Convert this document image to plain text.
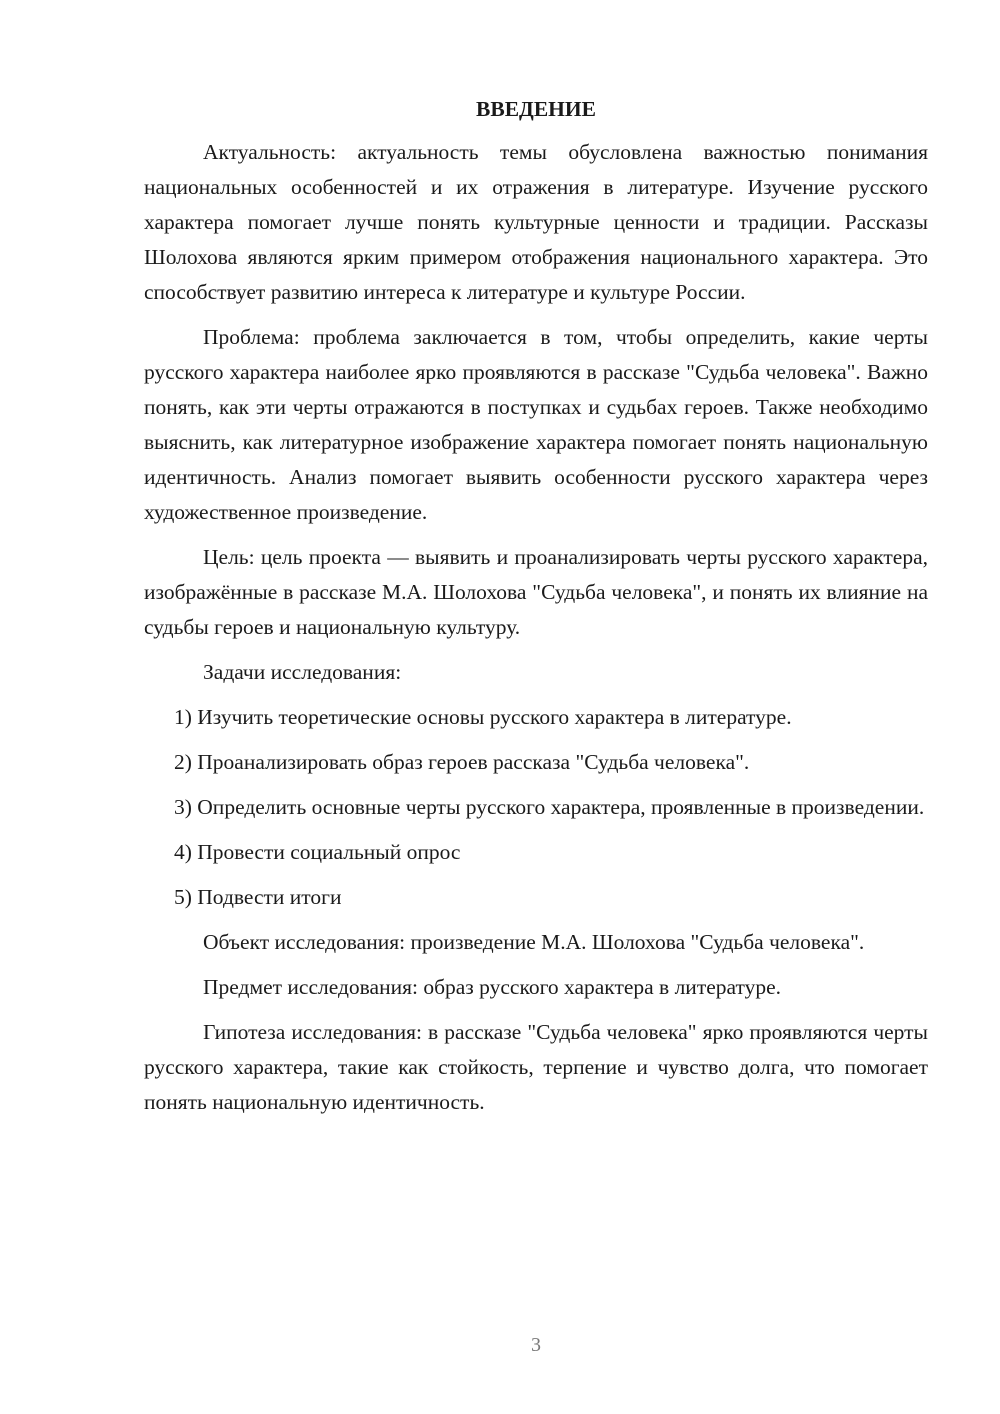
ВВЕДЕНИЕ

Актуальность: актуальность темы обусловлена важностью понимания национальных особенностей и их отражения в литературе. Изучение русского характера помогает лучше понять культурные ценности и традиции. Рассказы Шолохова являются ярким примером отображения национального характера. Это способствует развитию интереса к литературе и культуре России.

Проблема: проблема заключается в том, чтобы определить, какие черты русского характера наиболее ярко проявляются в рассказе "Судьба человека". Важно понять, как эти черты отражаются в поступках и судьбах героев. Также необходимо выяснить, как литературное изображение характера помогает понять национальную идентичность. Анализ помогает выявить особенности русского характера через художественное произведение.

Цель: цель проекта — выявить и проанализировать черты русского характера, изображённые в рассказе М.А. Шолохова "Судьба человека", и понять их влияние на судьбы героев и национальную культуру.

Задачи исследования:

1) Изучить теоретические основы русского характера в литературе.

2) Проанализировать образ героев рассказа "Судьба человека".

3) Определить основные черты русского характера, проявленные в произведении.

4) Провести социальный опрос

5) Подвести итоги

Объект исследования: произведение М.А. Шолохова "Судьба человека".

Предмет исследования: образ русского характера в литературе.

Гипотеза исследования: в рассказе "Судьба человека" ярко проявляются черты русского характера, такие как стойкость, терпение и чувство долга, что помогает понять национальную идентичность.

3
